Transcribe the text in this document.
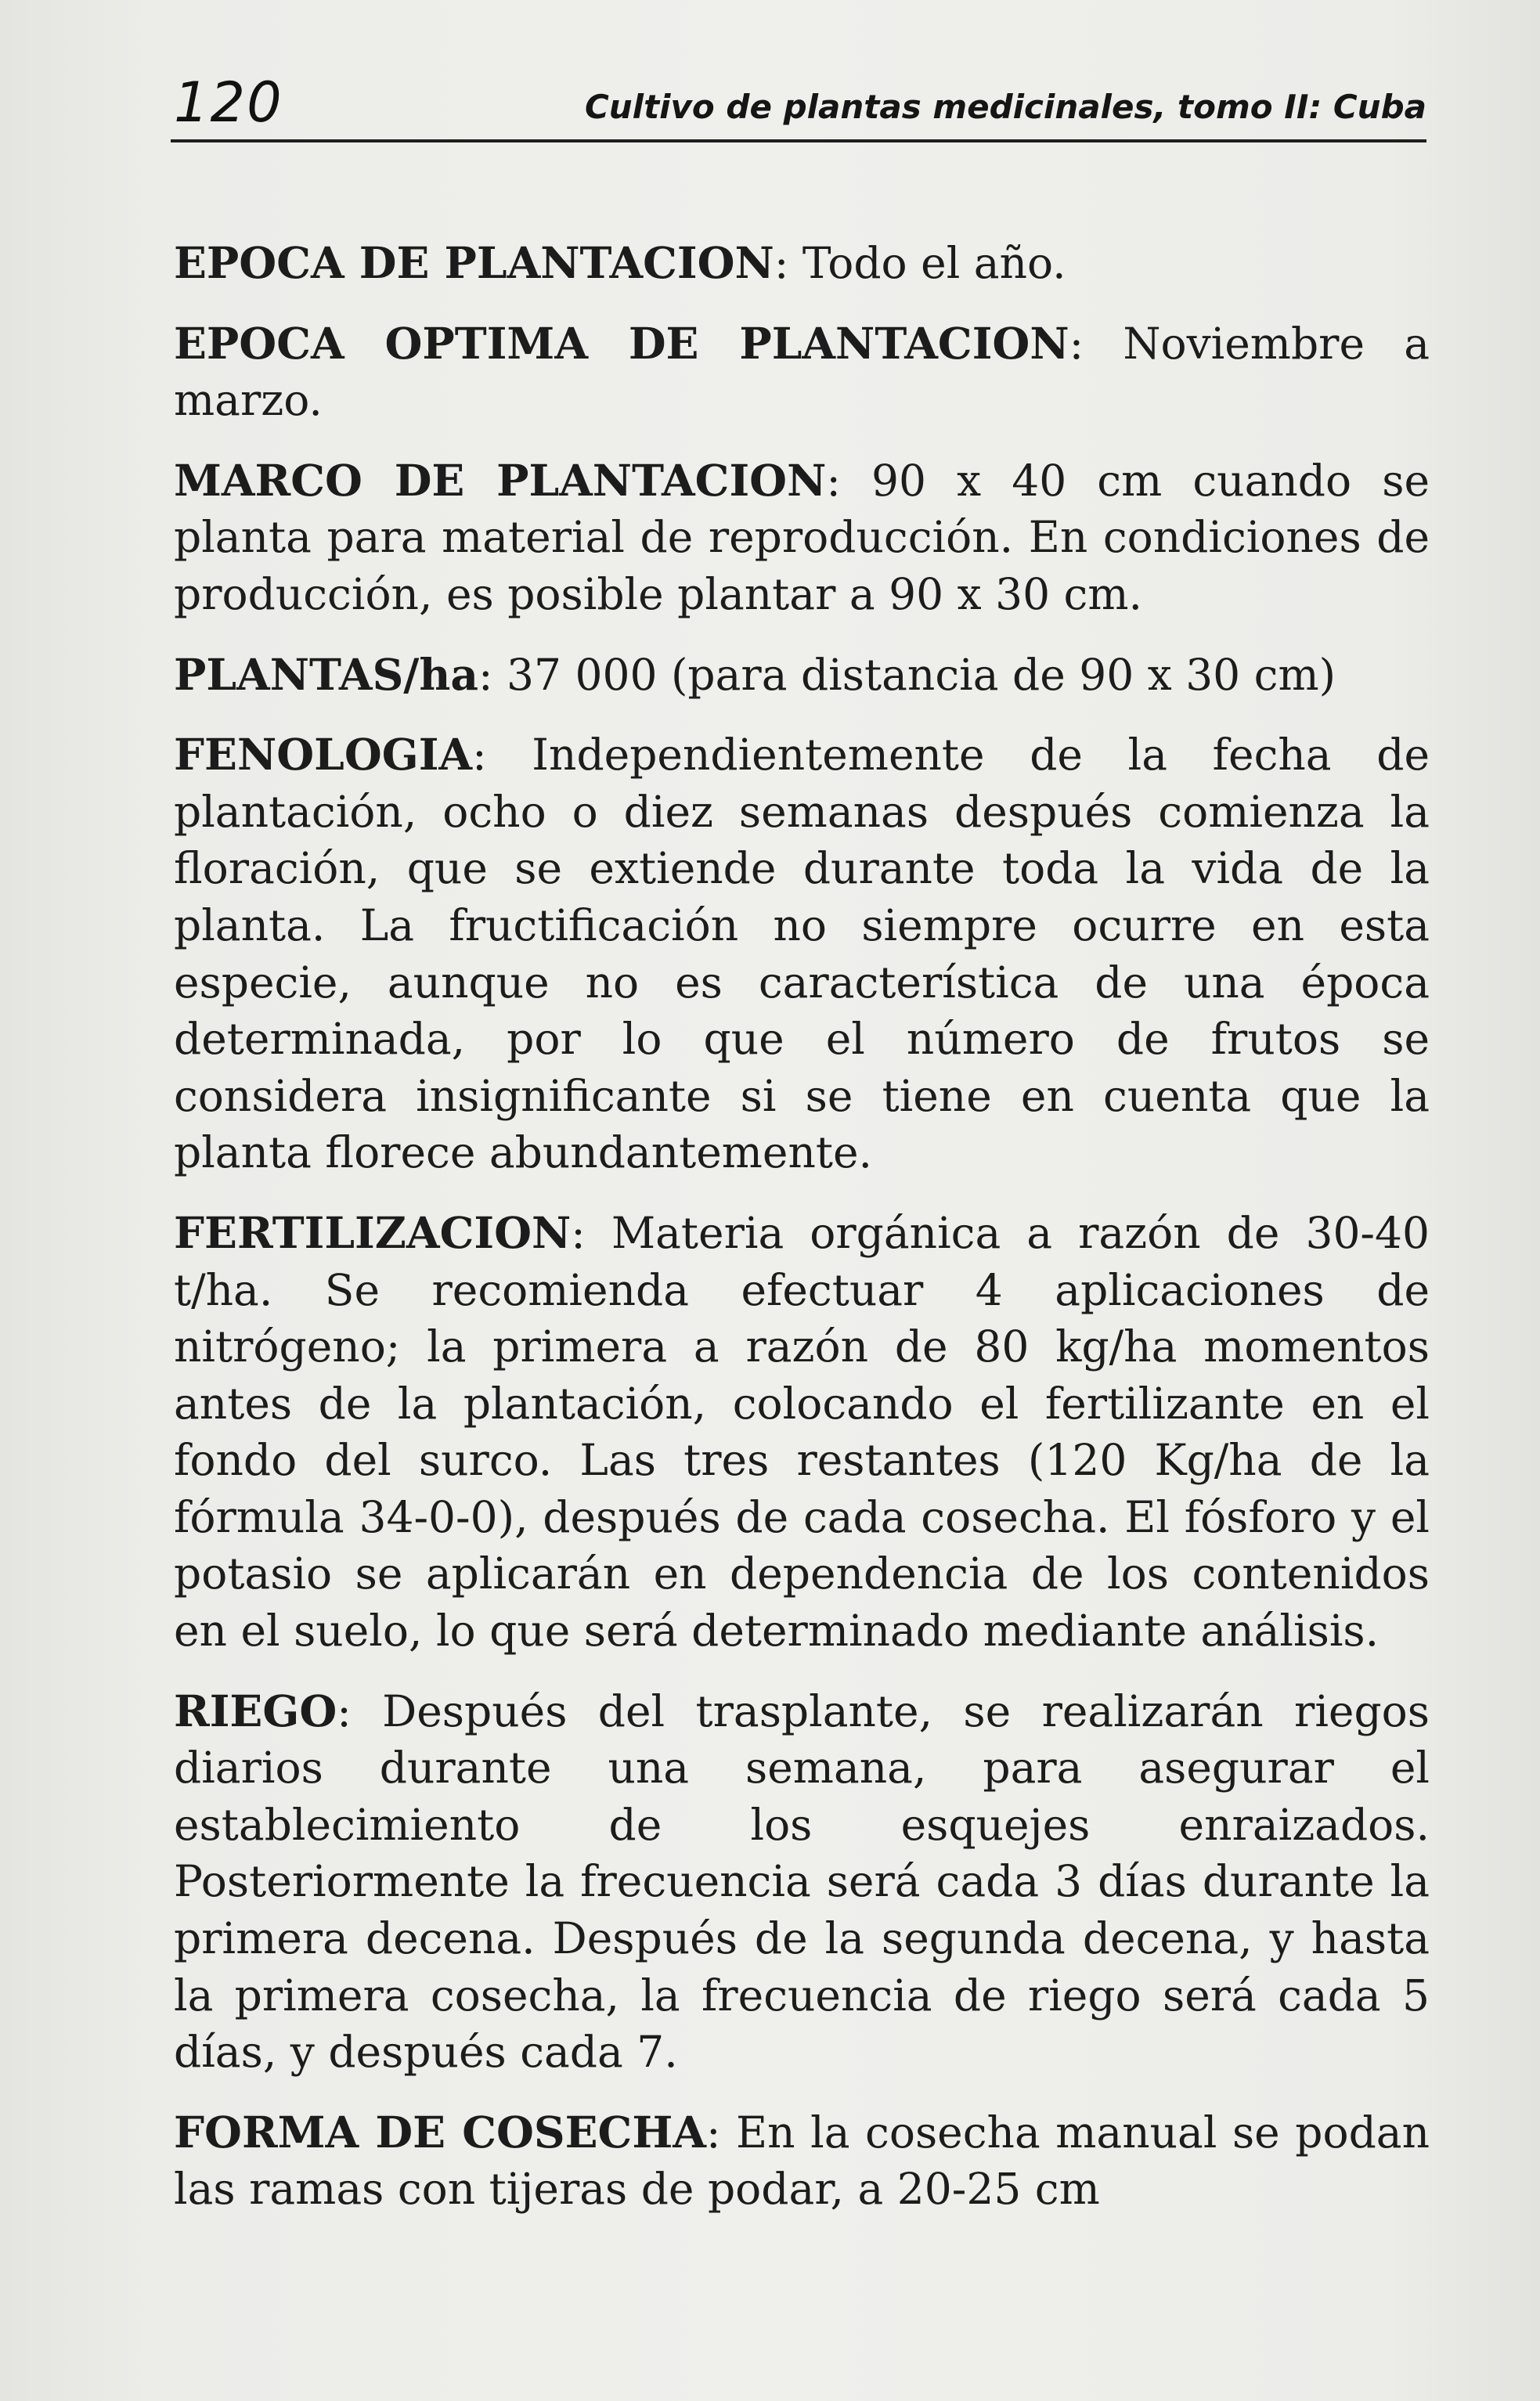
120	Cultivo de plantas medicinales, tomo II: Cuba

EPOCA DE PLANTACION: Todo el año.

EPOCA OPTIMA DE PLANTACION: Noviembre a marzo.

MARCO DE PLANTACION: 90 x 40 cm cuando se planta para material de reproducción. En condiciones de producción, es posible plantar a 90 x 30 cm.

PLANTAS/ha: 37 000 (para distancia de 90 x 30 cm)

FENOLOGIA: Independientemente de la fecha de plantación, ocho o diez semanas después comienza la floración, que se extiende durante toda la vida de la planta. La fructificación no siempre ocurre en esta especie, aunque no es característica de una época determinada, por lo que el número de frutos se considera insignificante si se tiene en cuenta que la planta florece abundantemente.

FERTILIZACION: Materia orgánica a razón de 30-40 t/ha. Se recomienda efectuar 4 aplicaciones de nitrógeno; la primera a razón de 80 kg/ha momentos antes de la plantación, colocando el fertilizante en el fondo del surco. Las tres restantes (120 Kg/ha de la fórmula 34-0-0), después de cada cosecha. El fósforo y el potasio se aplicarán en dependencia de los contenidos en el suelo, lo que será determinado mediante análisis.

RIEGO: Después del trasplante, se realizarán riegos diarios durante una semana, para asegurar el establecimiento de los esquejes enraizados. Posteriormente la frecuencia será cada 3 días durante la primera decena. Después de la segunda decena, y hasta la primera cosecha, la frecuencia de riego será cada 5 días, y después cada 7.

FORMA DE COSECHA: En la cosecha manual se podan las ramas con tijeras de podar, a 20-25 cm
